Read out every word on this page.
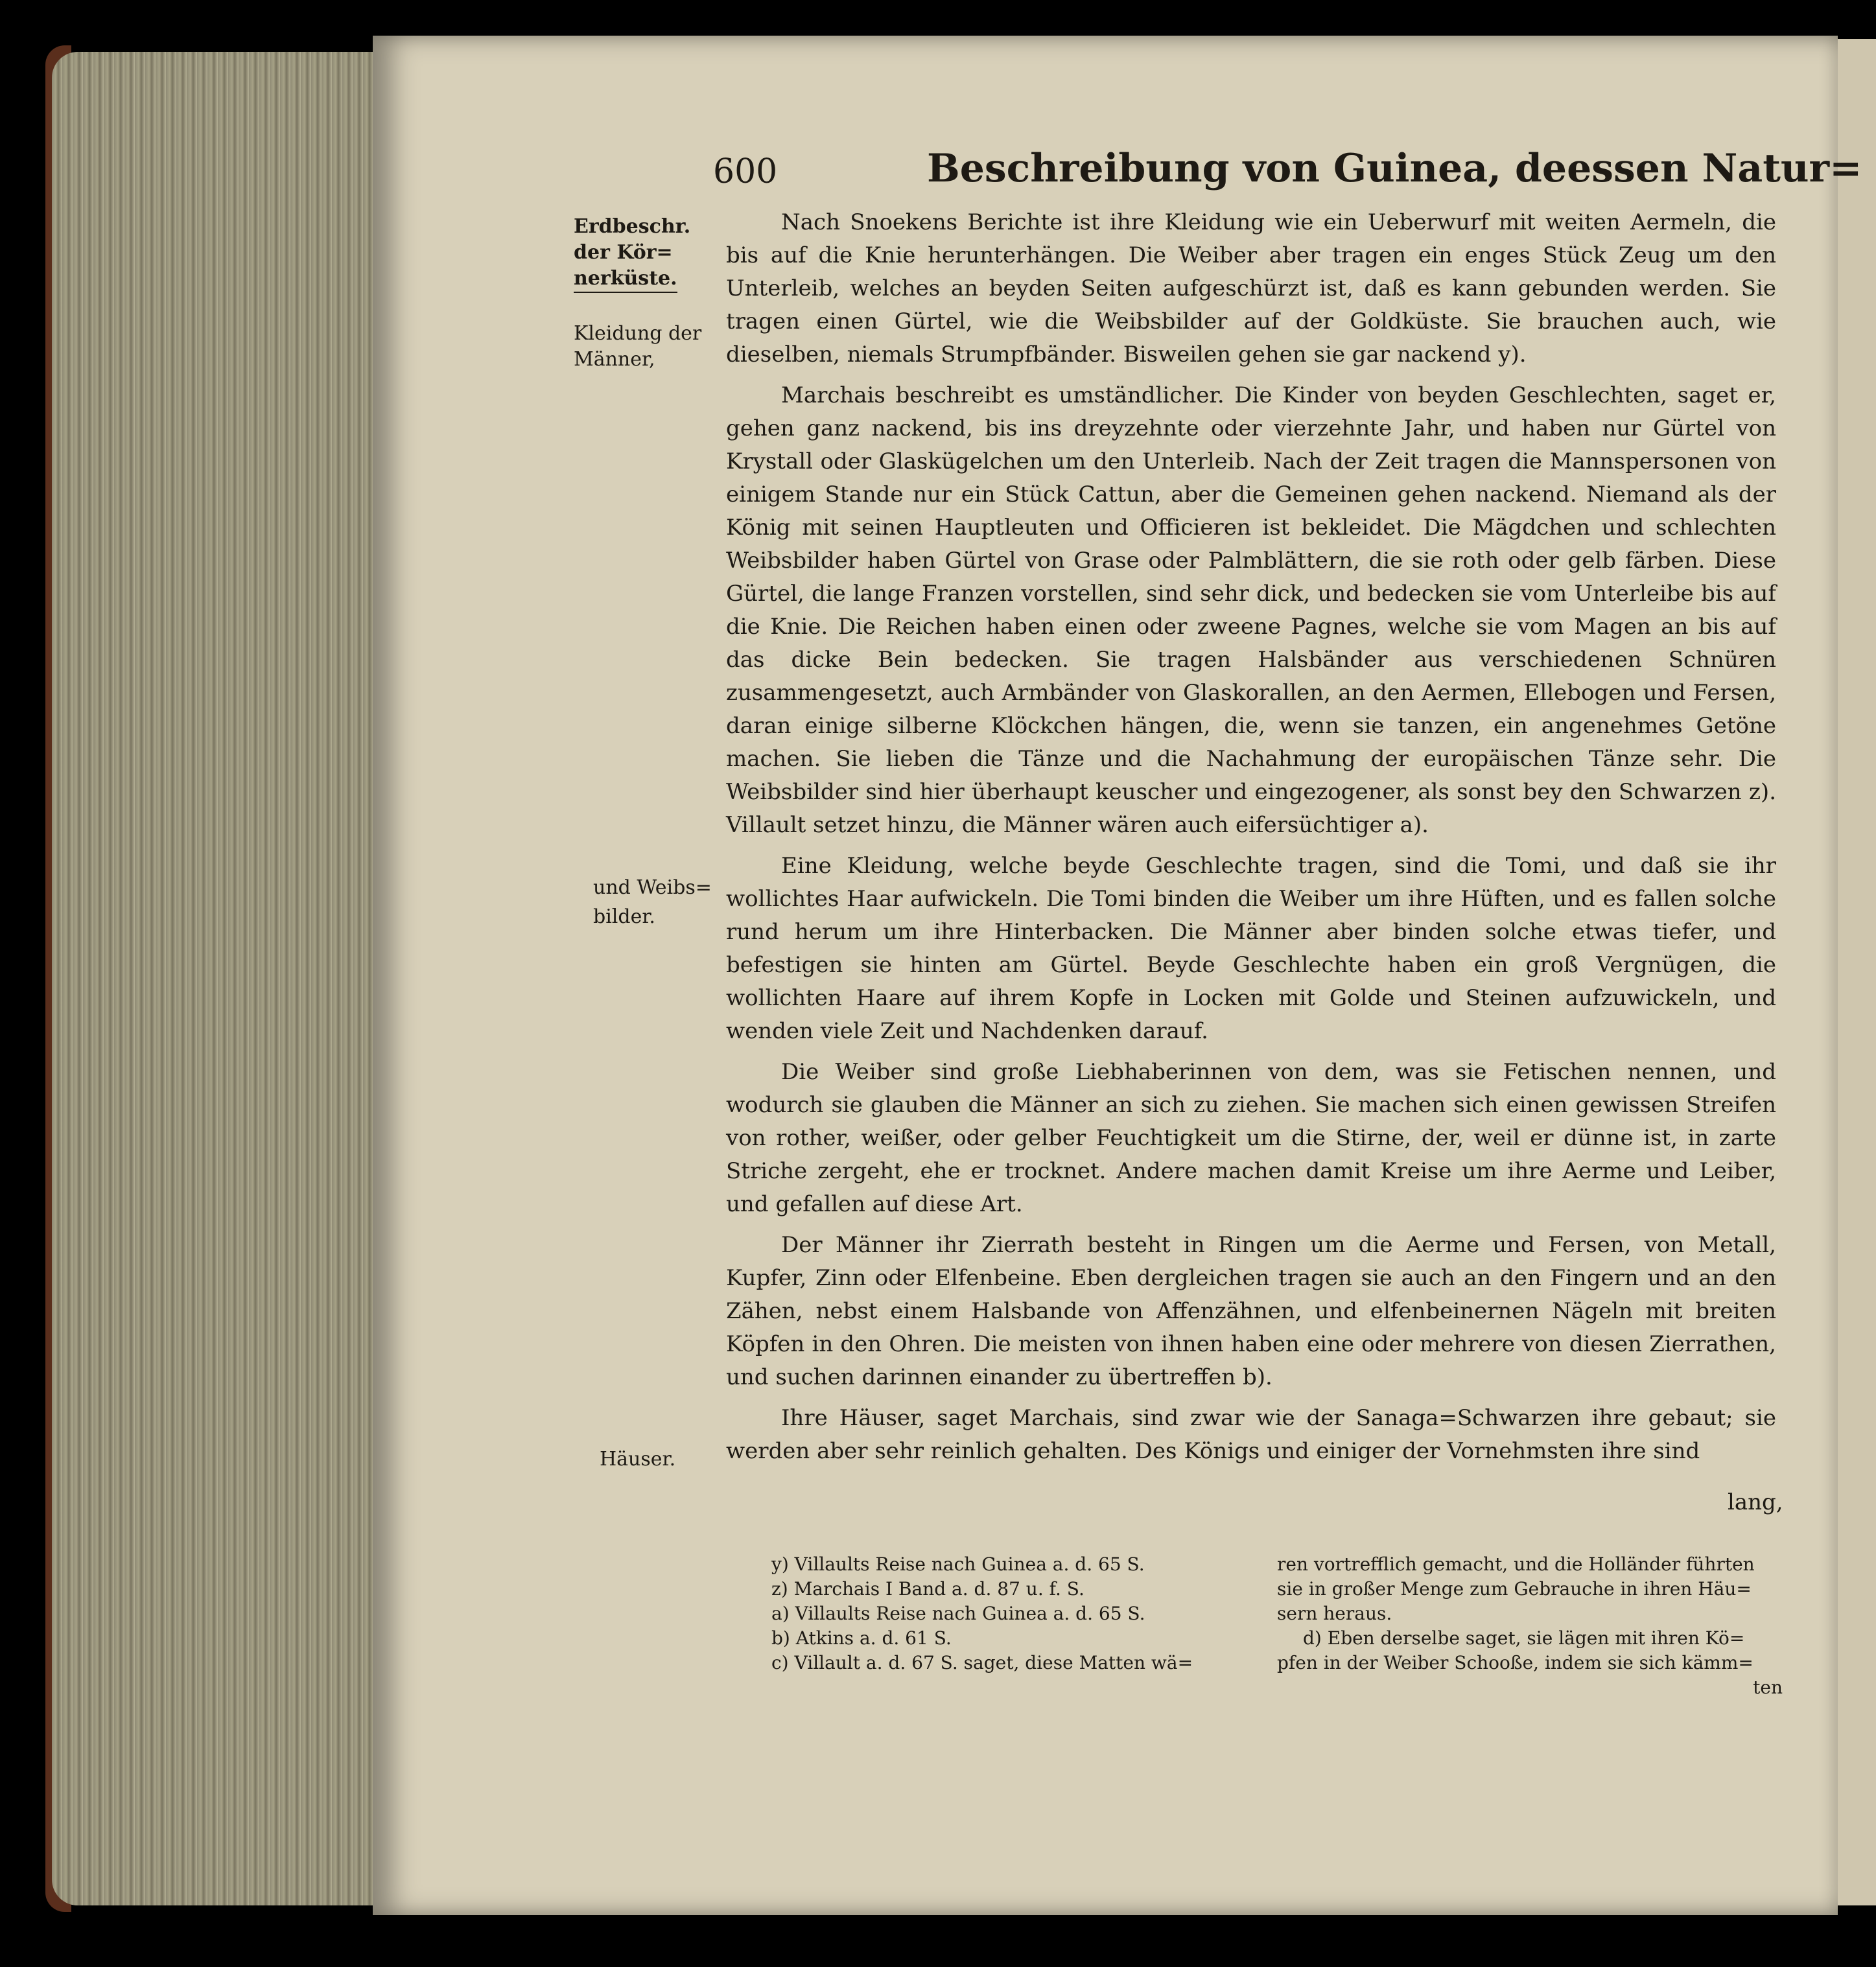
600	Beschreibung von Guinea, deessen Natur=
Erdbeschr.
der Kör=
nerküste.
Kleidung der
Männer,
und Weibs=
bilder.
Häuser.

Nach Snoekens Berichte ist ihre Kleidung wie ein Ueberwurf mit weiten Aermeln, die bis auf die Knie herunterhängen. Die Weiber aber tragen ein enges Stück Zeug um den Unterleib, welches an beyden Seiten aufgeschürzt ist, daß es kann gebunden werden. Sie tragen einen Gürtel, wie die Weibsbilder auf der Goldküste. Sie brauchen auch, wie dieselben, niemals Strumpfbänder. Bisweilen gehen sie gar nackend y).

Marchais beschreibt es umständlicher. Die Kinder von beyden Geschlechten, saget er, gehen ganz nackend, bis ins dreyzehnte oder vierzehnte Jahr, und haben nur Gürtel von Krystall oder Glaskügelchen um den Unterleib. Nach der Zeit tragen die Mannspersonen von einigem Stande nur ein Stück Cattun, aber die Gemeinen gehen nackend. Niemand als der König mit seinen Hauptleuten und Officieren ist bekleidet. Die Mägdchen und schlechten Weibsbilder haben Gürtel von Grase oder Palmblättern, die sie roth oder gelb färben. Diese Gürtel, die lange Franzen vorstellen, sind sehr dick, und bedecken sie vom Unterleibe bis auf die Knie. Die Reichen haben einen oder zweene Pagnes, welche sie vom Magen an bis auf das dicke Bein bedecken. Sie tragen Halsbänder aus verschiedenen Schnüren zusammengesetzt, auch Armbänder von Glaskorallen, an den Aermen, Ellebogen und Fersen, daran einige silberne Klöckchen hängen, die, wenn sie tanzen, ein angenehmes Getöne machen. Sie lieben die Tänze und die Nachahmung der europäischen Tänze sehr. Die Weibsbilder sind hier überhaupt keuscher und eingezogener, als sonst bey den Schwarzen z). Villault setzet hinzu, die Männer wären auch eifersüchtiger a).

Eine Kleidung, welche beyde Geschlechte tragen, sind die Tomi, und daß sie ihr wollichtes Haar aufwickeln. Die Tomi binden die Weiber um ihre Hüften, und es fallen solche rund herum um ihre Hinterbacken. Die Männer aber binden solche etwas tiefer, und befestigen sie hinten am Gürtel. Beyde Geschlechte haben ein groß Vergnügen, die wollichten Haare auf ihrem Kopfe in Locken mit Golde und Steinen aufzuwickeln, und wenden viele Zeit und Nachdenken darauf.

Die Weiber sind große Liebhaberinnen von dem, was sie Fetischen nennen, und wodurch sie glauben die Männer an sich zu ziehen. Sie machen sich einen gewissen Streifen von rother, weißer, oder gelber Feuchtigkeit um die Stirne, der, weil er dünne ist, in zarte Striche zergeht, ehe er trocknet. Andere machen damit Kreise um ihre Aerme und Leiber, und gefallen auf diese Art.

Der Männer ihr Zierrath besteht in Ringen um die Aerme und Fersen, von Metall, Kupfer, Zinn oder Elfenbeine. Eben dergleichen tragen sie auch an den Fingern und an den Zähen, nebst einem Halsbande von Affenzähnen, und elfenbeinernen Nägeln mit breiten Köpfen in den Ohren. Die meisten von ihnen haben eine oder mehrere von diesen Zierrathen, und suchen darinnen einander zu übertreffen b).

Ihre Häuser, saget Marchais, sind zwar wie der Sanaga=Schwarzen ihre gebaut; sie werden aber sehr reinlich gehalten. Des Königs und einiger der Vornehmsten ihre sind

lang,
y) Villaults Reise nach Guinea a. d. 65 S.
z) Marchais I Band a. d. 87 u. f. S.
a) Villaults Reise nach Guinea a. d. 65 S.
b) Atkins a. d. 61 S.
c) Villault a. d. 67 S. saget, diese Matten wä=
ren vortrefflich gemacht, und die Holländer führten
sie in großer Menge zum Gebrauche in ihren Häu=
sern heraus.
d) Eben derselbe saget, sie lägen mit ihren Kö=
pfen in der Weiber Schooße, indem sie sich kämm=
ten
